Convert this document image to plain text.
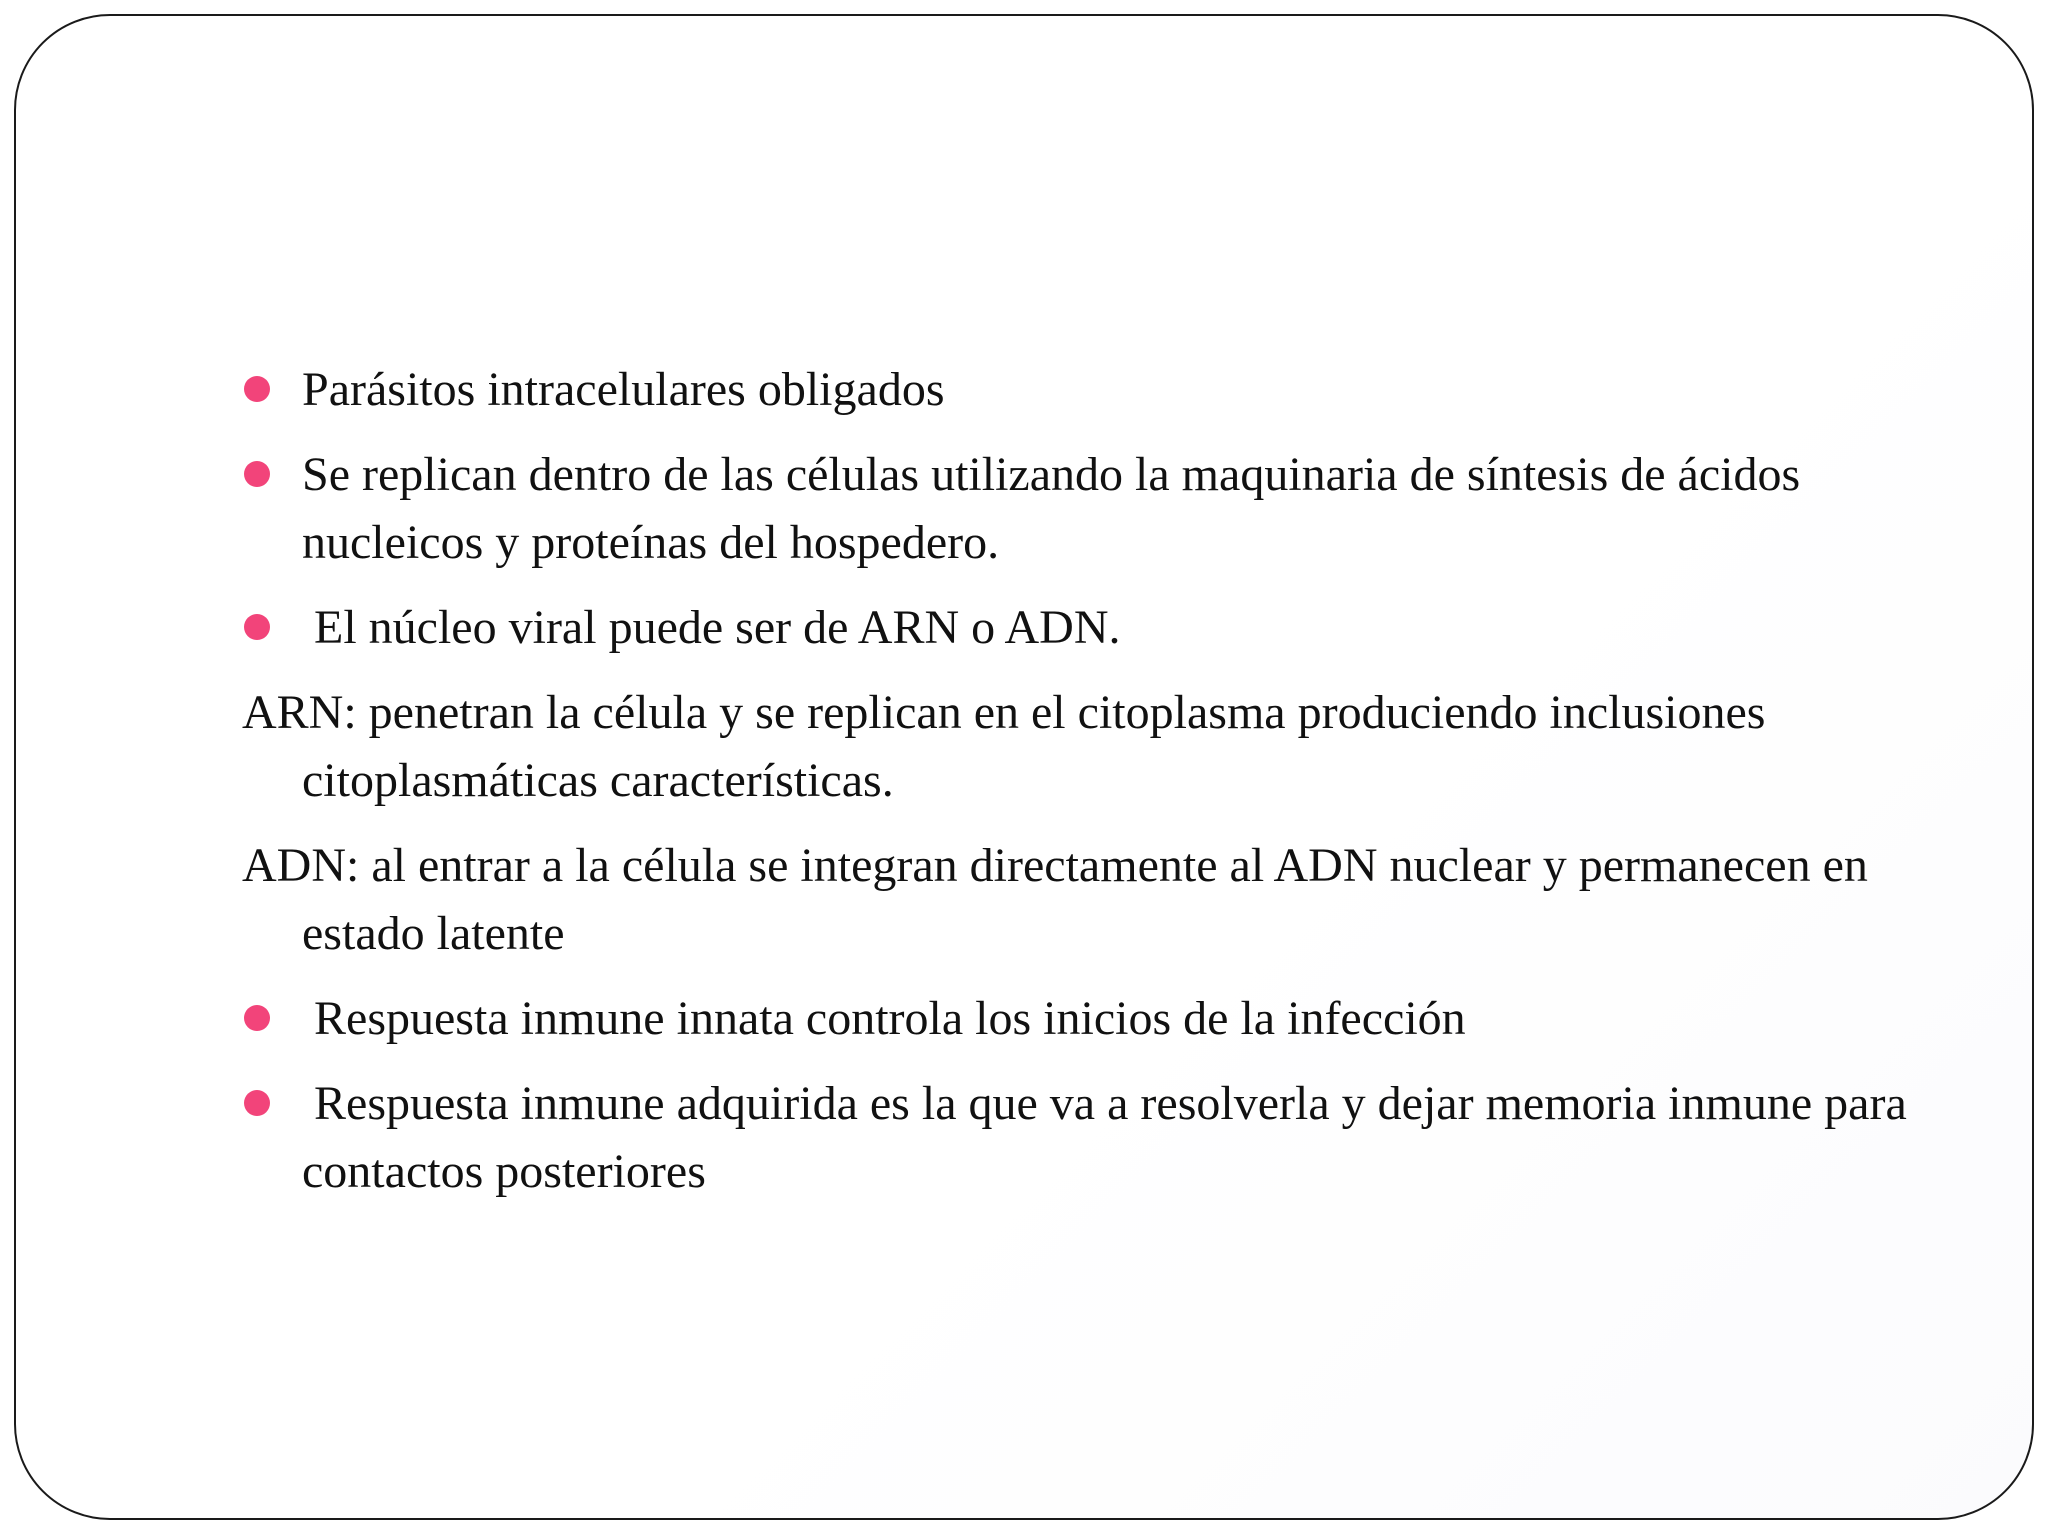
Parásitos intracelulares obligados
Se replican dentro de las células utilizando la maquinaria de síntesis de ácidos nucleicos y proteínas del hospedero.
El núcleo viral puede ser de ARN o ADN.
ARN: penetran la célula y se replican en el citoplasma produciendo inclusiones citoplasmáticas características.
ADN: al entrar a la célula se integran directamente al ADN nuclear y permanecen en estado latente
Respuesta inmune innata controla los inicios de la infección
Respuesta inmune adquirida es la que va a resolverla y dejar memoria inmune para contactos posteriores
